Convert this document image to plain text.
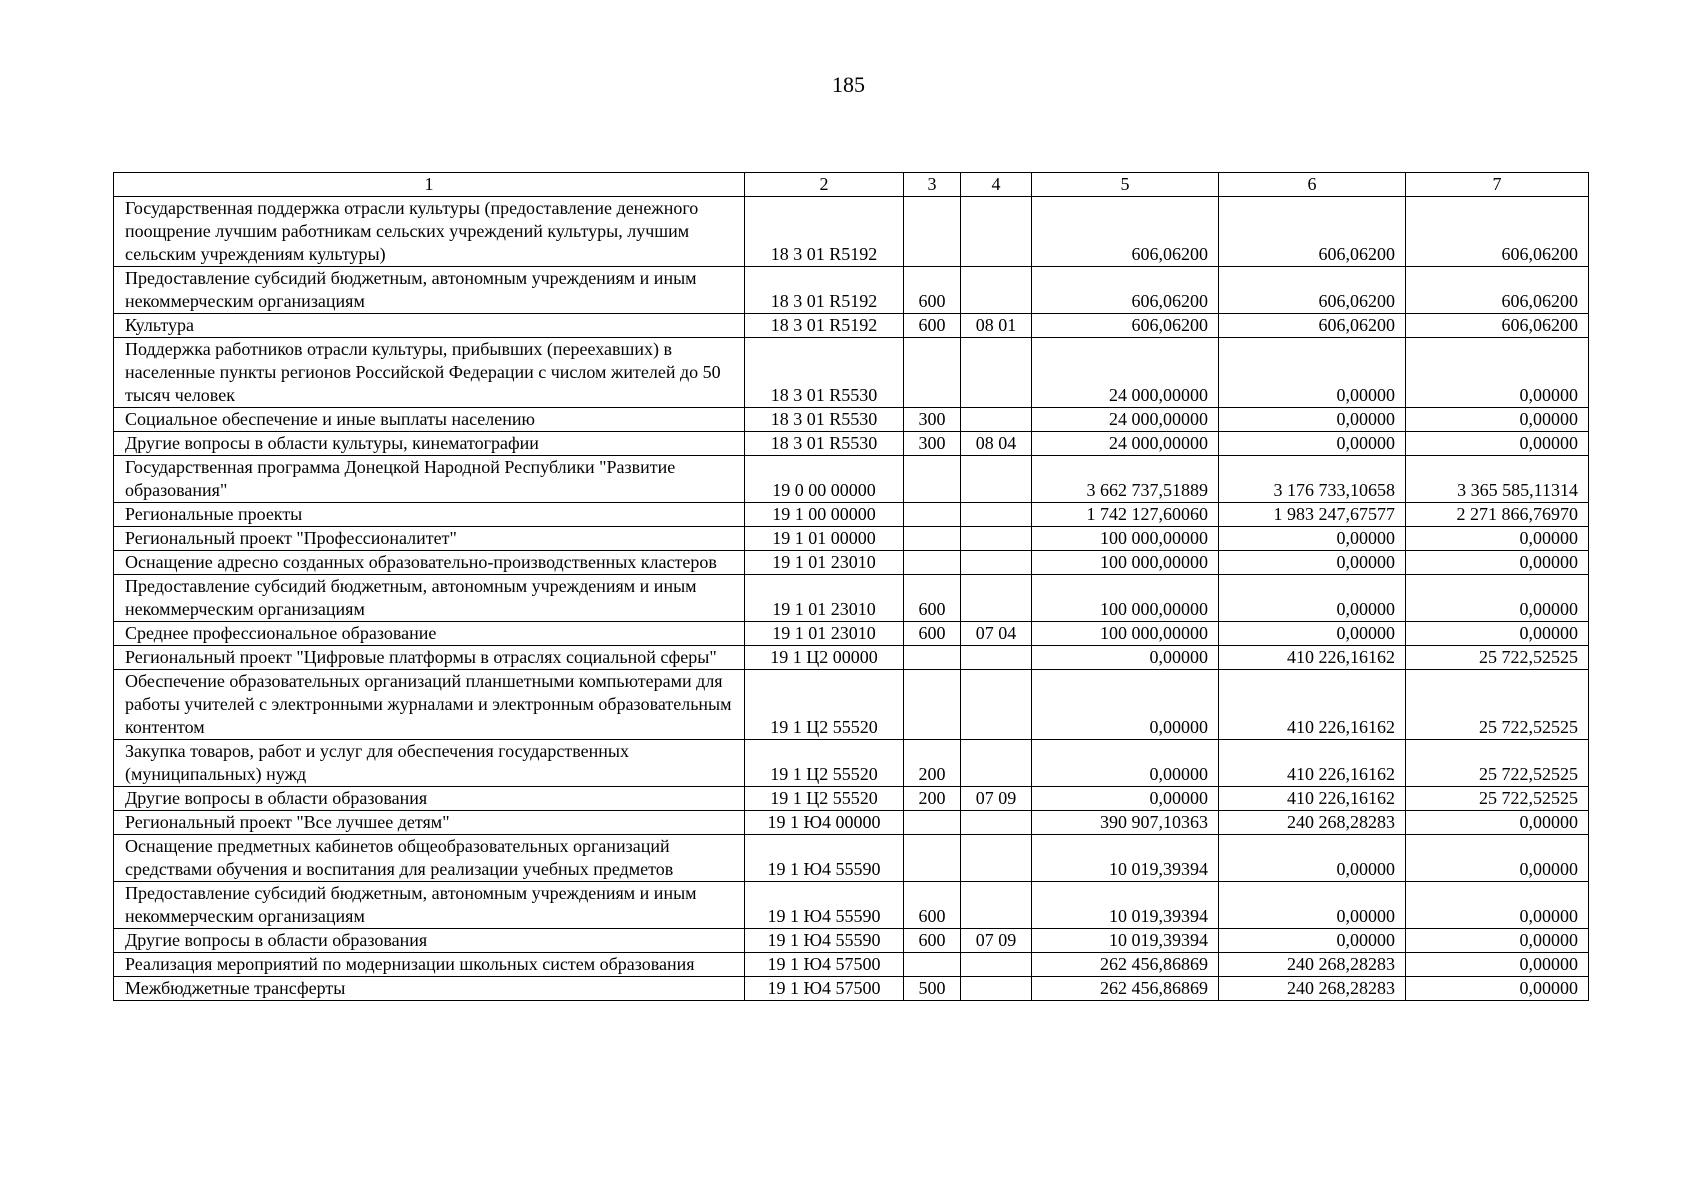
185
1	2	3	4	5	6	7
Государственная поддержка отрасли культуры (предоставление денежного поощрение лучшим работникам сельских учреждений культуры, лучшим сельским учреждениям культуры)	18 3 01 R5192			606,06200	606,06200	606,06200
Предоставление субсидий бюджетным, автономным учреждениям и иным некоммерческим организациям	18 3 01 R5192	600		606,06200	606,06200	606,06200
Культура	18 3 01 R5192	600	08 01	606,06200	606,06200	606,06200
Поддержка работников отрасли культуры, прибывших (переехавших) в населенные пункты регионов Российской Федерации с числом жителей до 50 тысяч человек	18 3 01 R5530			24 000,00000	0,00000	0,00000
Социальное обеспечение и иные выплаты населению	18 3 01 R5530	300		24 000,00000	0,00000	0,00000
Другие вопросы в области культуры, кинематографии	18 3 01 R5530	300	08 04	24 000,00000	0,00000	0,00000
Государственная программа Донецкой Народной Республики "Развитие образования"	19 0 00 00000			3 662 737,51889	3 176 733,10658	3 365 585,11314
Региональные проекты	19 1 00 00000			1 742 127,60060	1 983 247,67577	2 271 866,76970
Региональный проект "Профессионалитет"	19 1 01 00000			100 000,00000	0,00000	0,00000
Оснащение адресно созданных образовательно-производственных кластеров	19 1 01 23010			100 000,00000	0,00000	0,00000
Предоставление субсидий бюджетным, автономным учреждениям и иным некоммерческим организациям	19 1 01 23010	600		100 000,00000	0,00000	0,00000
Среднее профессиональное образование	19 1 01 23010	600	07 04	100 000,00000	0,00000	0,00000
Региональный проект "Цифровые платформы в отраслях социальной сферы"	19 1 Ц2 00000			0,00000	410 226,16162	25 722,52525
Обеспечение образовательных организаций планшетными компьютерами для работы учителей с электронными журналами и электронным образовательным контентом	19 1 Ц2 55520			0,00000	410 226,16162	25 722,52525
Закупка товаров, работ и услуг для обеспечения государственных (муниципальных) нужд	19 1 Ц2 55520	200		0,00000	410 226,16162	25 722,52525
Другие вопросы в области образования	19 1 Ц2 55520	200	07 09	0,00000	410 226,16162	25 722,52525
Региональный проект "Все лучшее детям"	19 1 Ю4 00000			390 907,10363	240 268,28283	0,00000
Оснащение предметных кабинетов общеобразовательных организаций средствами обучения и воспитания для реализации учебных предметов	19 1 Ю4 55590			10 019,39394	0,00000	0,00000
Предоставление субсидий бюджетным, автономным учреждениям и иным некоммерческим организациям	19 1 Ю4 55590	600		10 019,39394	0,00000	0,00000
Другие вопросы в области образования	19 1 Ю4 55590	600	07 09	10 019,39394	0,00000	0,00000
Реализация мероприятий по модернизации школьных систем образования	19 1 Ю4 57500			262 456,86869	240 268,28283	0,00000
Межбюджетные трансферты	19 1 Ю4 57500	500		262 456,86869	240 268,28283	0,00000
